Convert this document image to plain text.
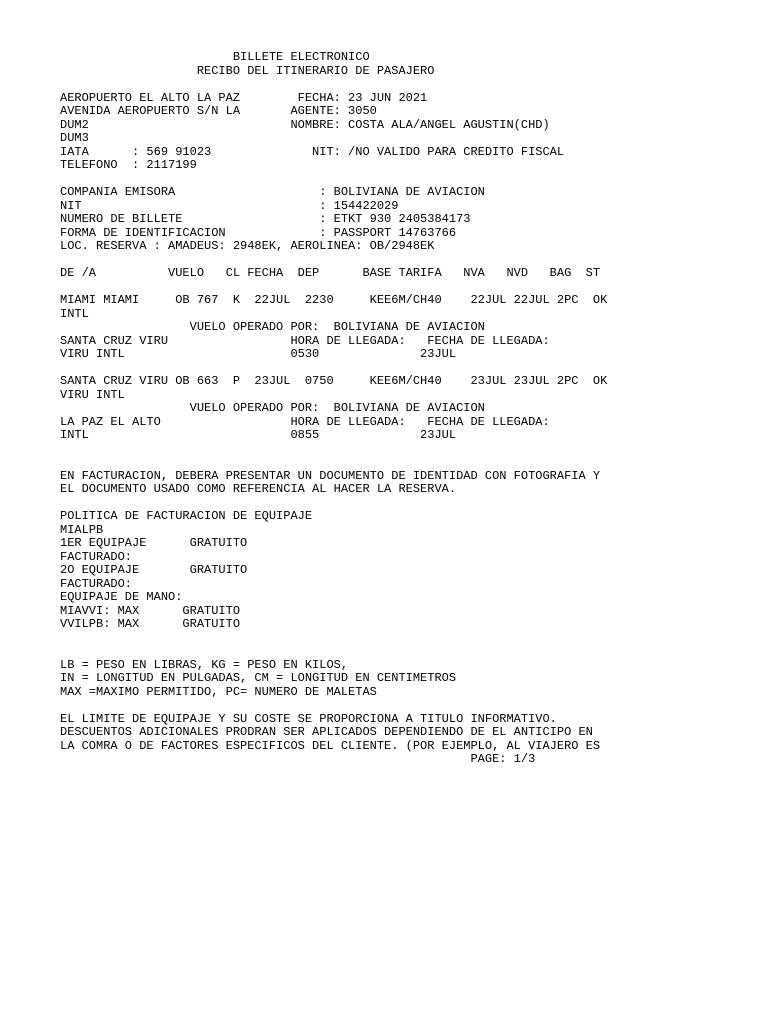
BILLETE ELECTRONICO
RECIBO DEL ITINERARIO DE PASAJERO
AEROPUERTO EL ALTO LA PAZ        FECHA: 23 JUN 2021
AVENIDA AEROPUERTO S/N LA       AGENTE: 3050
DUM2                            NOMBRE: COSTA ALA/ANGEL AGUSTIN(CHD)
DUM3
IATA      : 569 91023              NIT: /NO VALIDO PARA CREDITO FISCAL
TELEFONO  : 2117199
COMPANIA EMISORA                    : BOLIVIANA DE AVIACION
NIT                                 : 154422029
NUMERO DE BILLETE                   : ETKT 930 2405384173
FORMA DE IDENTIFICACION             : PASSPORT 14763766
LOC. RESERVA : AMADEUS: 2948EK, AEROLINEA: OB/2948EK
DE /A          VUELO   CL FECHA  DEP      BASE TARIFA   NVA   NVD   BAG  ST
MIAMI MIAMI     OB 767  K  22JUL  2230     KEE6M/CH40    22JUL 22JUL 2PC  OK
INTL
VUELO OPERADO POR:  BOLIVIANA DE AVIACION
SANTA CRUZ VIRU                 HORA DE LLEGADA:   FECHA DE LLEGADA:
VIRU INTL                       0530              23JUL
SANTA CRUZ VIRU OB 663  P  23JUL  0750     KEE6M/CH40    23JUL 23JUL 2PC  OK
VIRU INTL
VUELO OPERADO POR:  BOLIVIANA DE AVIACION
LA PAZ EL ALTO                  HORA DE LLEGADA:   FECHA DE LLEGADA:
INTL                            0855              23JUL
EN FACTURACION, DEBERA PRESENTAR UN DOCUMENTO DE IDENTIDAD CON FOTOGRAFIA Y
EL DOCUMENTO USADO COMO REFERENCIA AL HACER LA RESERVA.
POLITICA DE FACTURACION DE EQUIPAJE
MIALPB
1ER EQUIPAJE      GRATUITO
FACTURADO:
2O EQUIPAJE       GRATUITO
FACTURADO:
EQUIPAJE DE MANO:
MIAVVI: MAX      GRATUITO
VVILPB: MAX      GRATUITO
LB = PESO EN LIBRAS, KG = PESO EN KILOS,
IN = LONGITUD EN PULGADAS, CM = LONGITUD EN CENTIMETROS
MAX =MAXIMO PERMITIDO, PC= NUMERO DE MALETAS
EL LIMITE DE EQUIPAJE Y SU COSTE SE PROPORCIONA A TITULO INFORMATIVO.
DESCUENTOS ADICIONALES PRODRAN SER APLICADOS DEPENDIENDO DE EL ANTICIPO EN
LA COMRA O DE FACTORES ESPECIFICOS DEL CLIENTE. (POR EJEMPLO, AL VIAJERO ES
PAGE: 1/3
